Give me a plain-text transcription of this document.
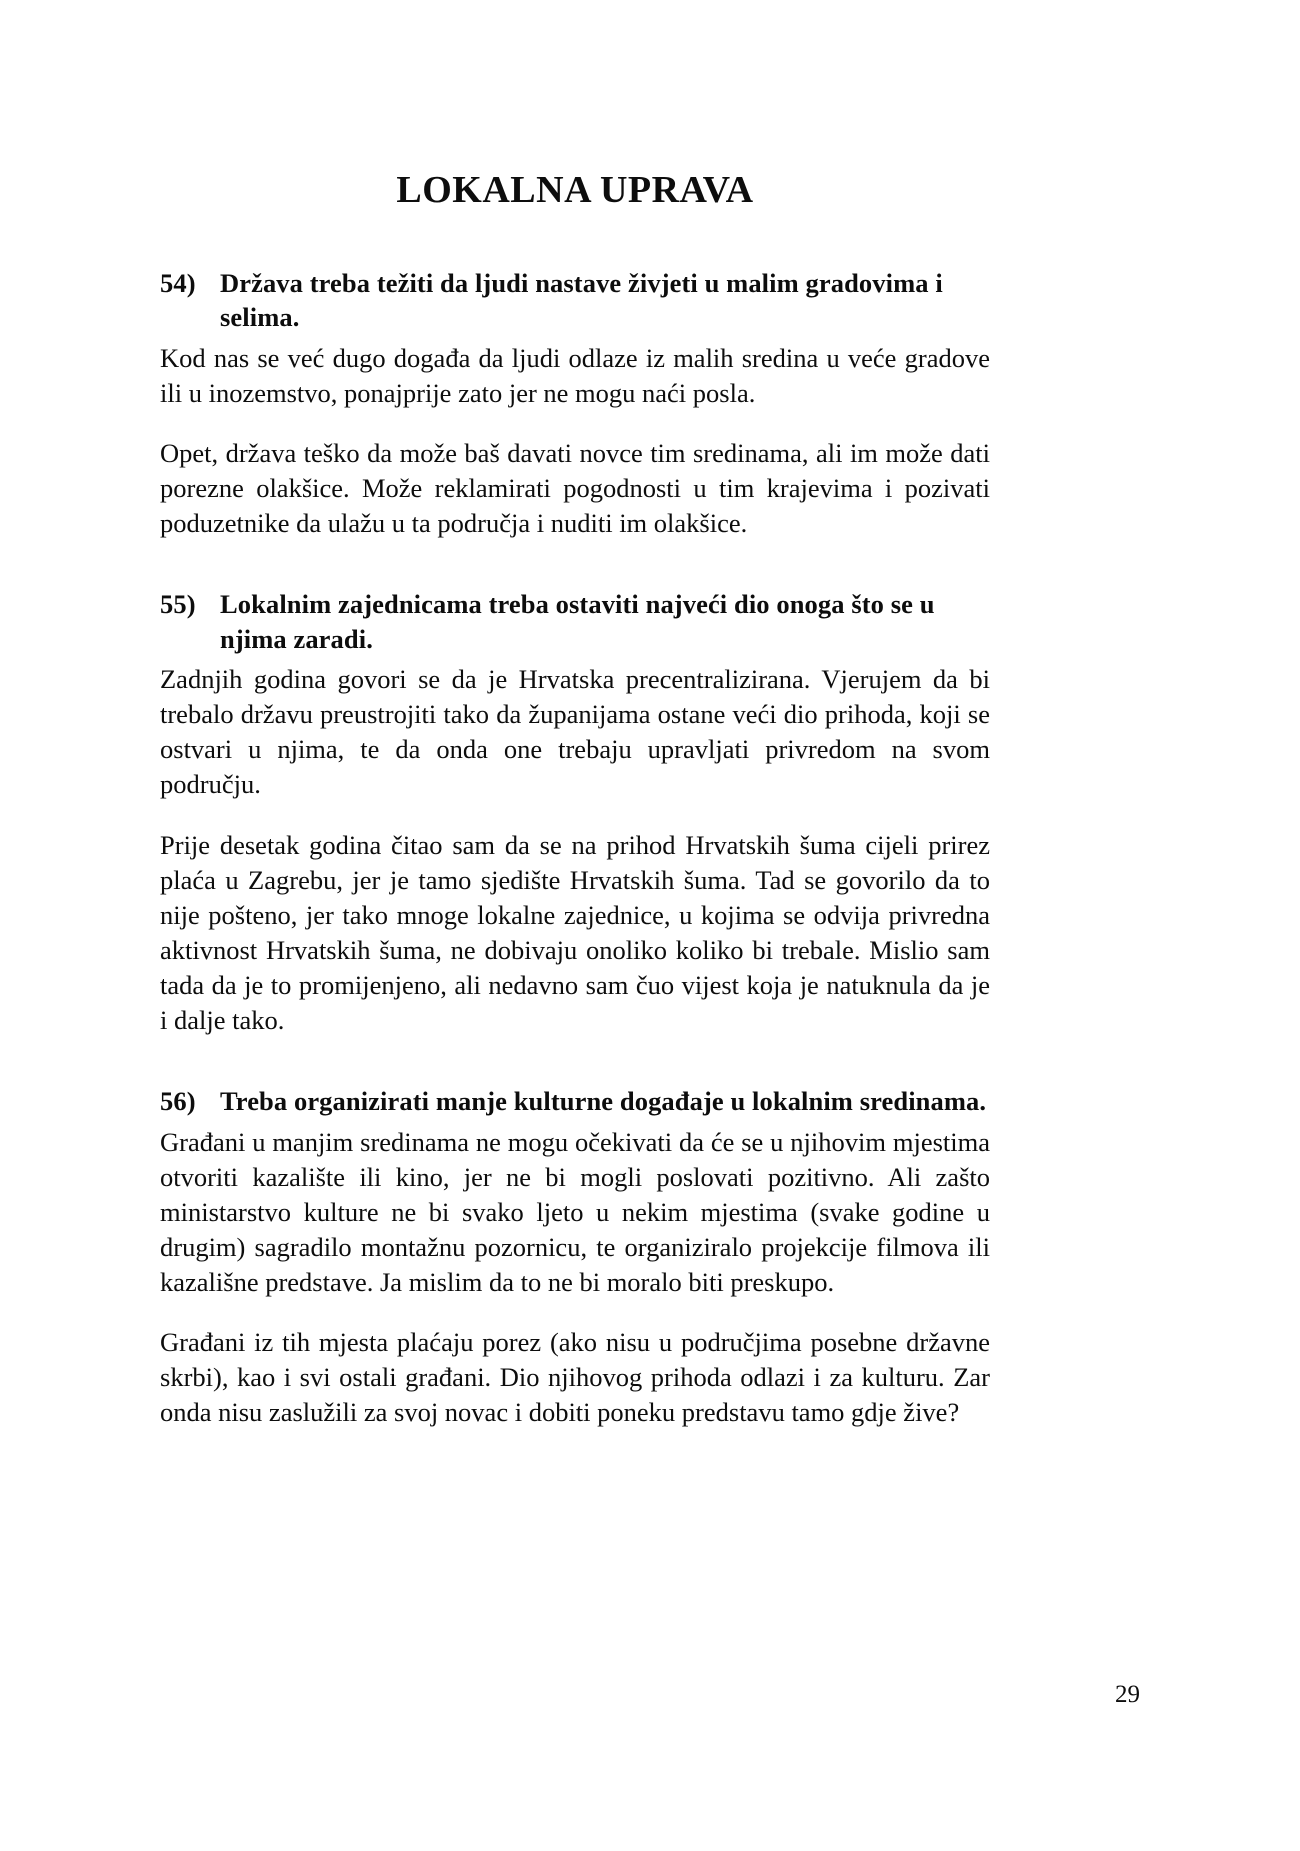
LOKALNA UPRAVA
54) Država treba težiti da ljudi nastave živjeti u malim gradovima i selima.

Kod nas se već dugo događa da ljudi odlaze iz malih sredina u veće gradove ili u inozemstvo, ponajprije zato jer ne mogu naći posla.

Opet, država teško da može baš davati novce tim sredinama, ali im može dati porezne olakšice. Može reklamirati pogodnosti u tim krajevima i pozivati poduzetnike da ulažu u ta područja i nuditi im olakšice.

55) Lokalnim zajednicama treba ostaviti najveći dio onoga što se u njima zaradi.

Zadnjih godina govori se da je Hrvatska precentralizirana. Vjerujem da bi trebalo državu preustrojiti tako da županijama ostane veći dio prihoda, koji se ostvari u njima, te da onda one trebaju upravljati privredom na svom području.

Prije desetak godina čitao sam da se na prihod Hrvatskih šuma cijeli prirez plaća u Zagrebu, jer je tamo sjedište Hrvatskih šuma. Tad se govorilo da to nije pošteno, jer tako mnoge lokalne zajednice, u kojima se odvija privredna aktivnost Hrvatskih šuma, ne dobivaju onoliko koliko bi trebale. Mislio sam tada da je to promijenjeno, ali nedavno sam čuo vijest koja je natuknula da je i dalje tako.

56) Treba organizirati manje kulturne događaje u lokalnim sredinama.

Građani u manjim sredinama ne mogu očekivati da će se u njihovim mjestima otvoriti kazalište ili kino, jer ne bi mogli poslovati pozitivno. Ali zašto ministarstvo kulture ne bi svako ljeto u nekim mjestima (svake godine u drugim) sagradilo montažnu pozornicu, te organiziralo projekcije filmova ili kazališne predstave. Ja mislim da to ne bi moralo biti preskupo.

Građani iz tih mjesta plaćaju porez (ako nisu u područjima posebne državne skrbi), kao i svi ostali građani. Dio njihovog prihoda odlazi i za kulturu. Zar onda nisu zaslužili za svoj novac i dobiti poneku predstavu tamo gdje žive?

29
